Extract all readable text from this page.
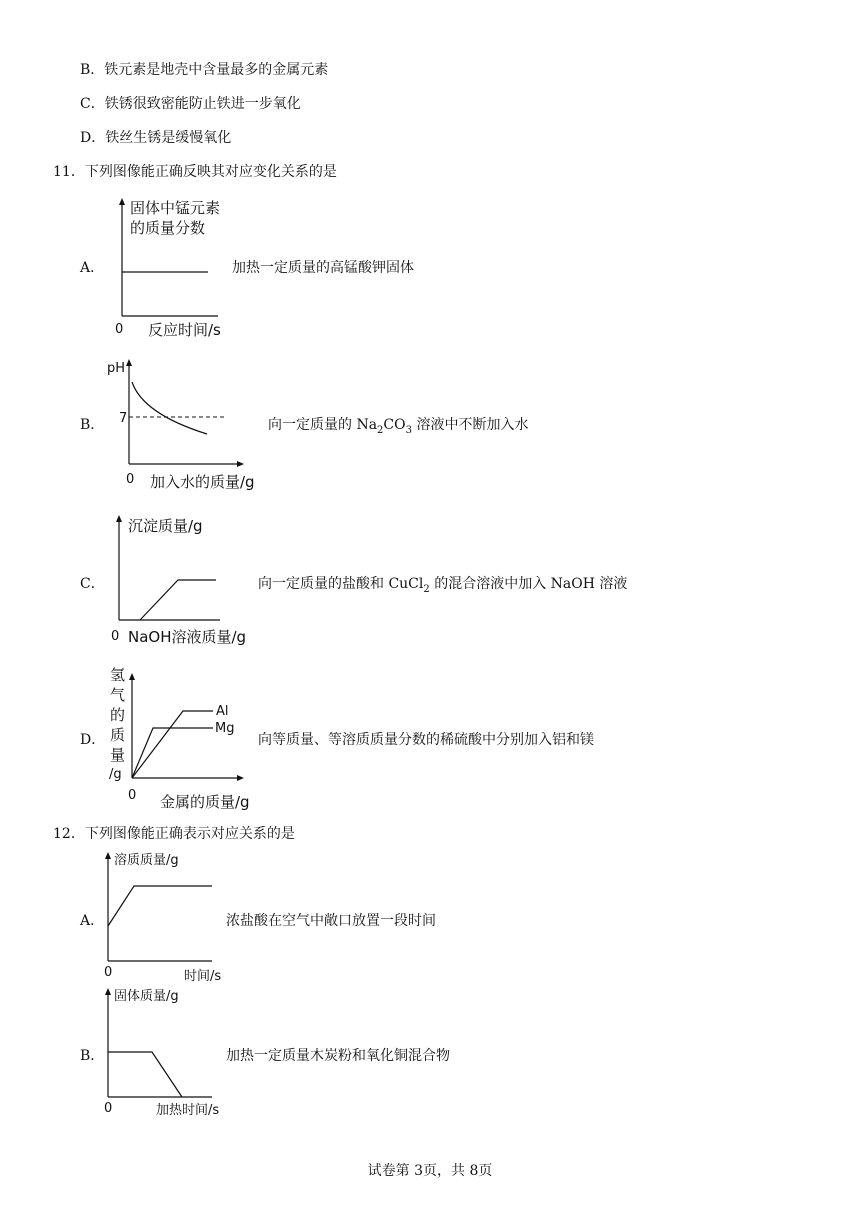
B．铁元素是地壳中含量最多的金属元素
C．铁锈很致密能防止铁进一步氧化
D．铁丝生锈是缓慢氧化
11．下列图像能正确反映其对应变化关系的是
A．
固体中锰元素
的质量分数
0 反应时间/s
加热一定质量的高锰酸钾固体
B．
pH
7
0 加入水的质量/g
向一定质量的 $Na_2CO_3$ 溶液中不断加入水
C．
沉淀质量/g
0 NaOH溶液质量/g
向一定质量的盐酸和 CuCl$_2$ 的混合溶液中加入 NaOH 溶液
D．
氢
气
的
质
量
/g
Al
Mg
0 金属的质量/g
向等质量、等溶质质量分数的稀硫酸中分别加入铝和镁
12．下列图像能正确表示对应关系的是
A．
溶质质量/g
0	时间/s
浓盐酸在空气中敞口放置一段时间
B．
固体质量/g
0	加热时间/s
加热一定质量木炭粉和氧化铜混合物
试卷第 3页，共 8页
